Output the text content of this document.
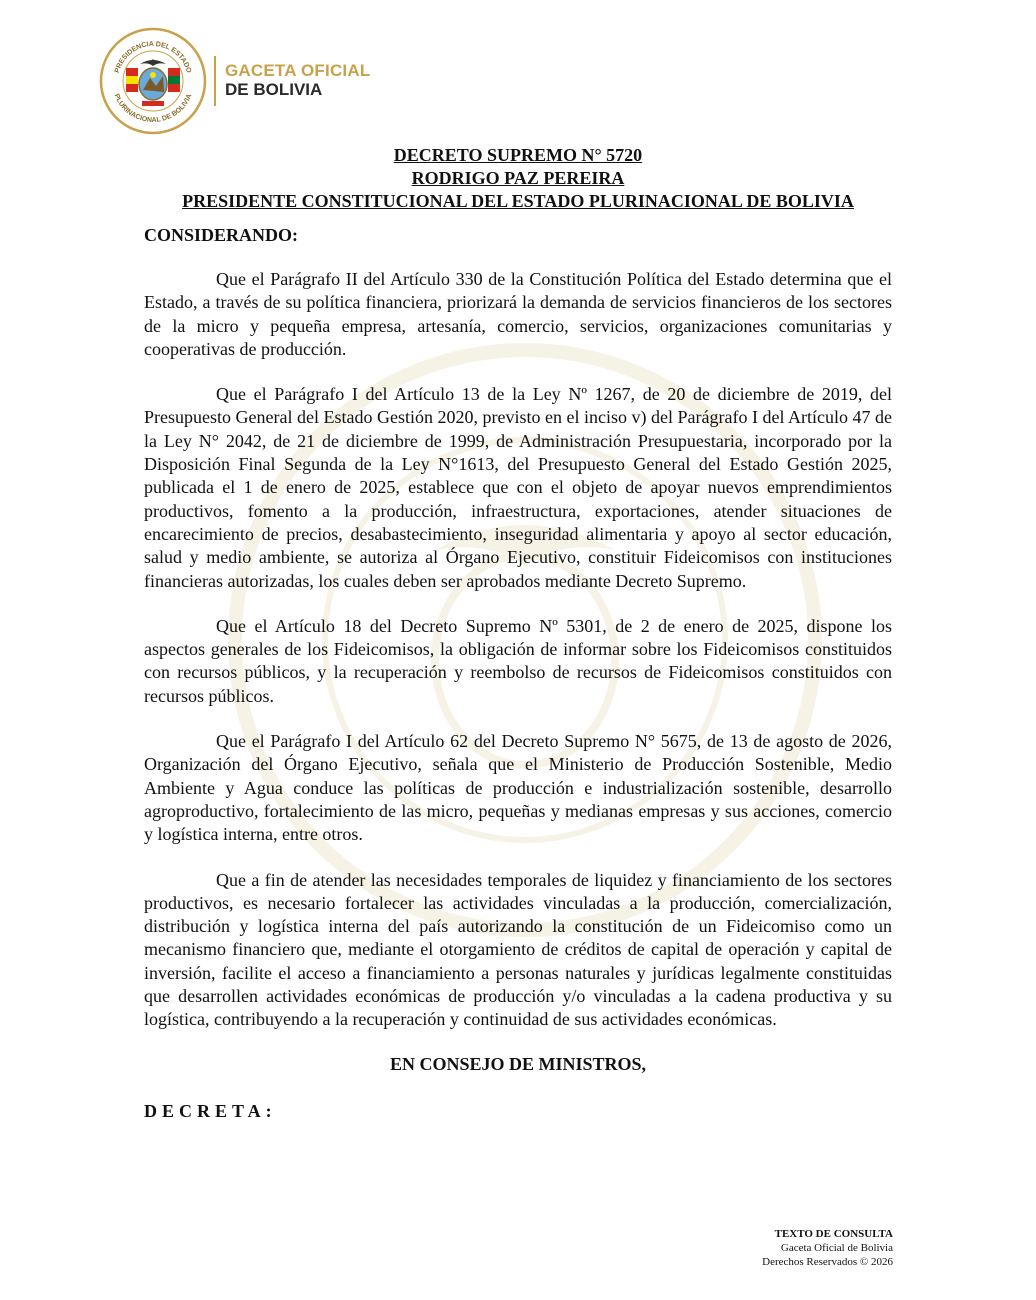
PRESIDENCIA DEL ESTADO
PLURINACIONAL DE BOLIVIA
GACETA OFICIAL
DE BOLIVIA
DECRETO SUPREMO N° 5720
RODRIGO PAZ PEREIRA
PRESIDENTE CONSTITUCIONAL DEL ESTADO PLURINACIONAL DE BOLIVIA
CONSIDERANDO:

Que el Parágrafo II del Artículo 330 de la Constitución Política del Estado determina que el Estado, a través de su política financiera, priorizará la demanda de servicios financieros de los sectores de la micro y pequeña empresa, artesanía, comercio, servicios, organizaciones comunitarias y cooperativas de producción.

Que el Parágrafo I del Artículo 13 de la Ley Nº 1267, de 20 de diciembre de 2019, del Presupuesto General del Estado Gestión 2020, previsto en el inciso v) del Parágrafo I del Artículo 47 de la Ley N° 2042, de 21 de diciembre de 1999, de Administración Presupuestaria, incorporado por la Disposición Final Segunda de la Ley N°1613, del Presupuesto General del Estado Gestión 2025, publicada el 1 de enero de 2025, establece que con el objeto de apoyar nuevos emprendimientos productivos, fomento a la producción, infraestructura, exportaciones, atender situaciones de encarecimiento de precios, desabastecimiento, inseguridad alimentaria y apoyo al sector educación, salud y medio ambiente, se autoriza al Órgano Ejecutivo, constituir Fideicomisos con instituciones financieras autorizadas, los cuales deben ser aprobados mediante Decreto Supremo.

Que el Artículo 18 del Decreto Supremo Nº 5301, de 2 de enero de 2025, dispone los aspectos generales de los Fideicomisos, la obligación de informar sobre los Fideicomisos constituidos con recursos públicos, y la recuperación y reembolso de recursos de Fideicomisos constituidos con recursos públicos.

Que el Parágrafo I del Artículo 62 del Decreto Supremo N° 5675, de 13 de agosto de 2026, Organización del Órgano Ejecutivo, señala que el Ministerio de Producción Sostenible, Medio Ambiente y Agua conduce las políticas de producción e industrialización sostenible, desarrollo agroproductivo, fortalecimiento de las micro, pequeñas y medianas empresas y sus acciones, comercio y logística interna, entre otros.

Que a fin de atender las necesidades temporales de liquidez y financiamiento de los sectores productivos, es necesario fortalecer las actividades vinculadas a la producción, comercialización, distribución y logística interna del país autorizando la constitución de un Fideicomiso como un mecanismo financiero que, mediante el otorgamiento de créditos de capital de operación y capital de inversión, facilite el acceso a financiamiento a personas naturales y jurídicas legalmente constituidas que desarrollen actividades económicas de producción y/o vinculadas a la cadena productiva y su logística, contribuyendo a la recuperación y continuidad de sus actividades económicas.

EN CONSEJO DE MINISTROS,
DECRETA:
TEXTO DE CONSULTA
Gaceta Oficial de Bolivia
Derechos Reservados © 2026
